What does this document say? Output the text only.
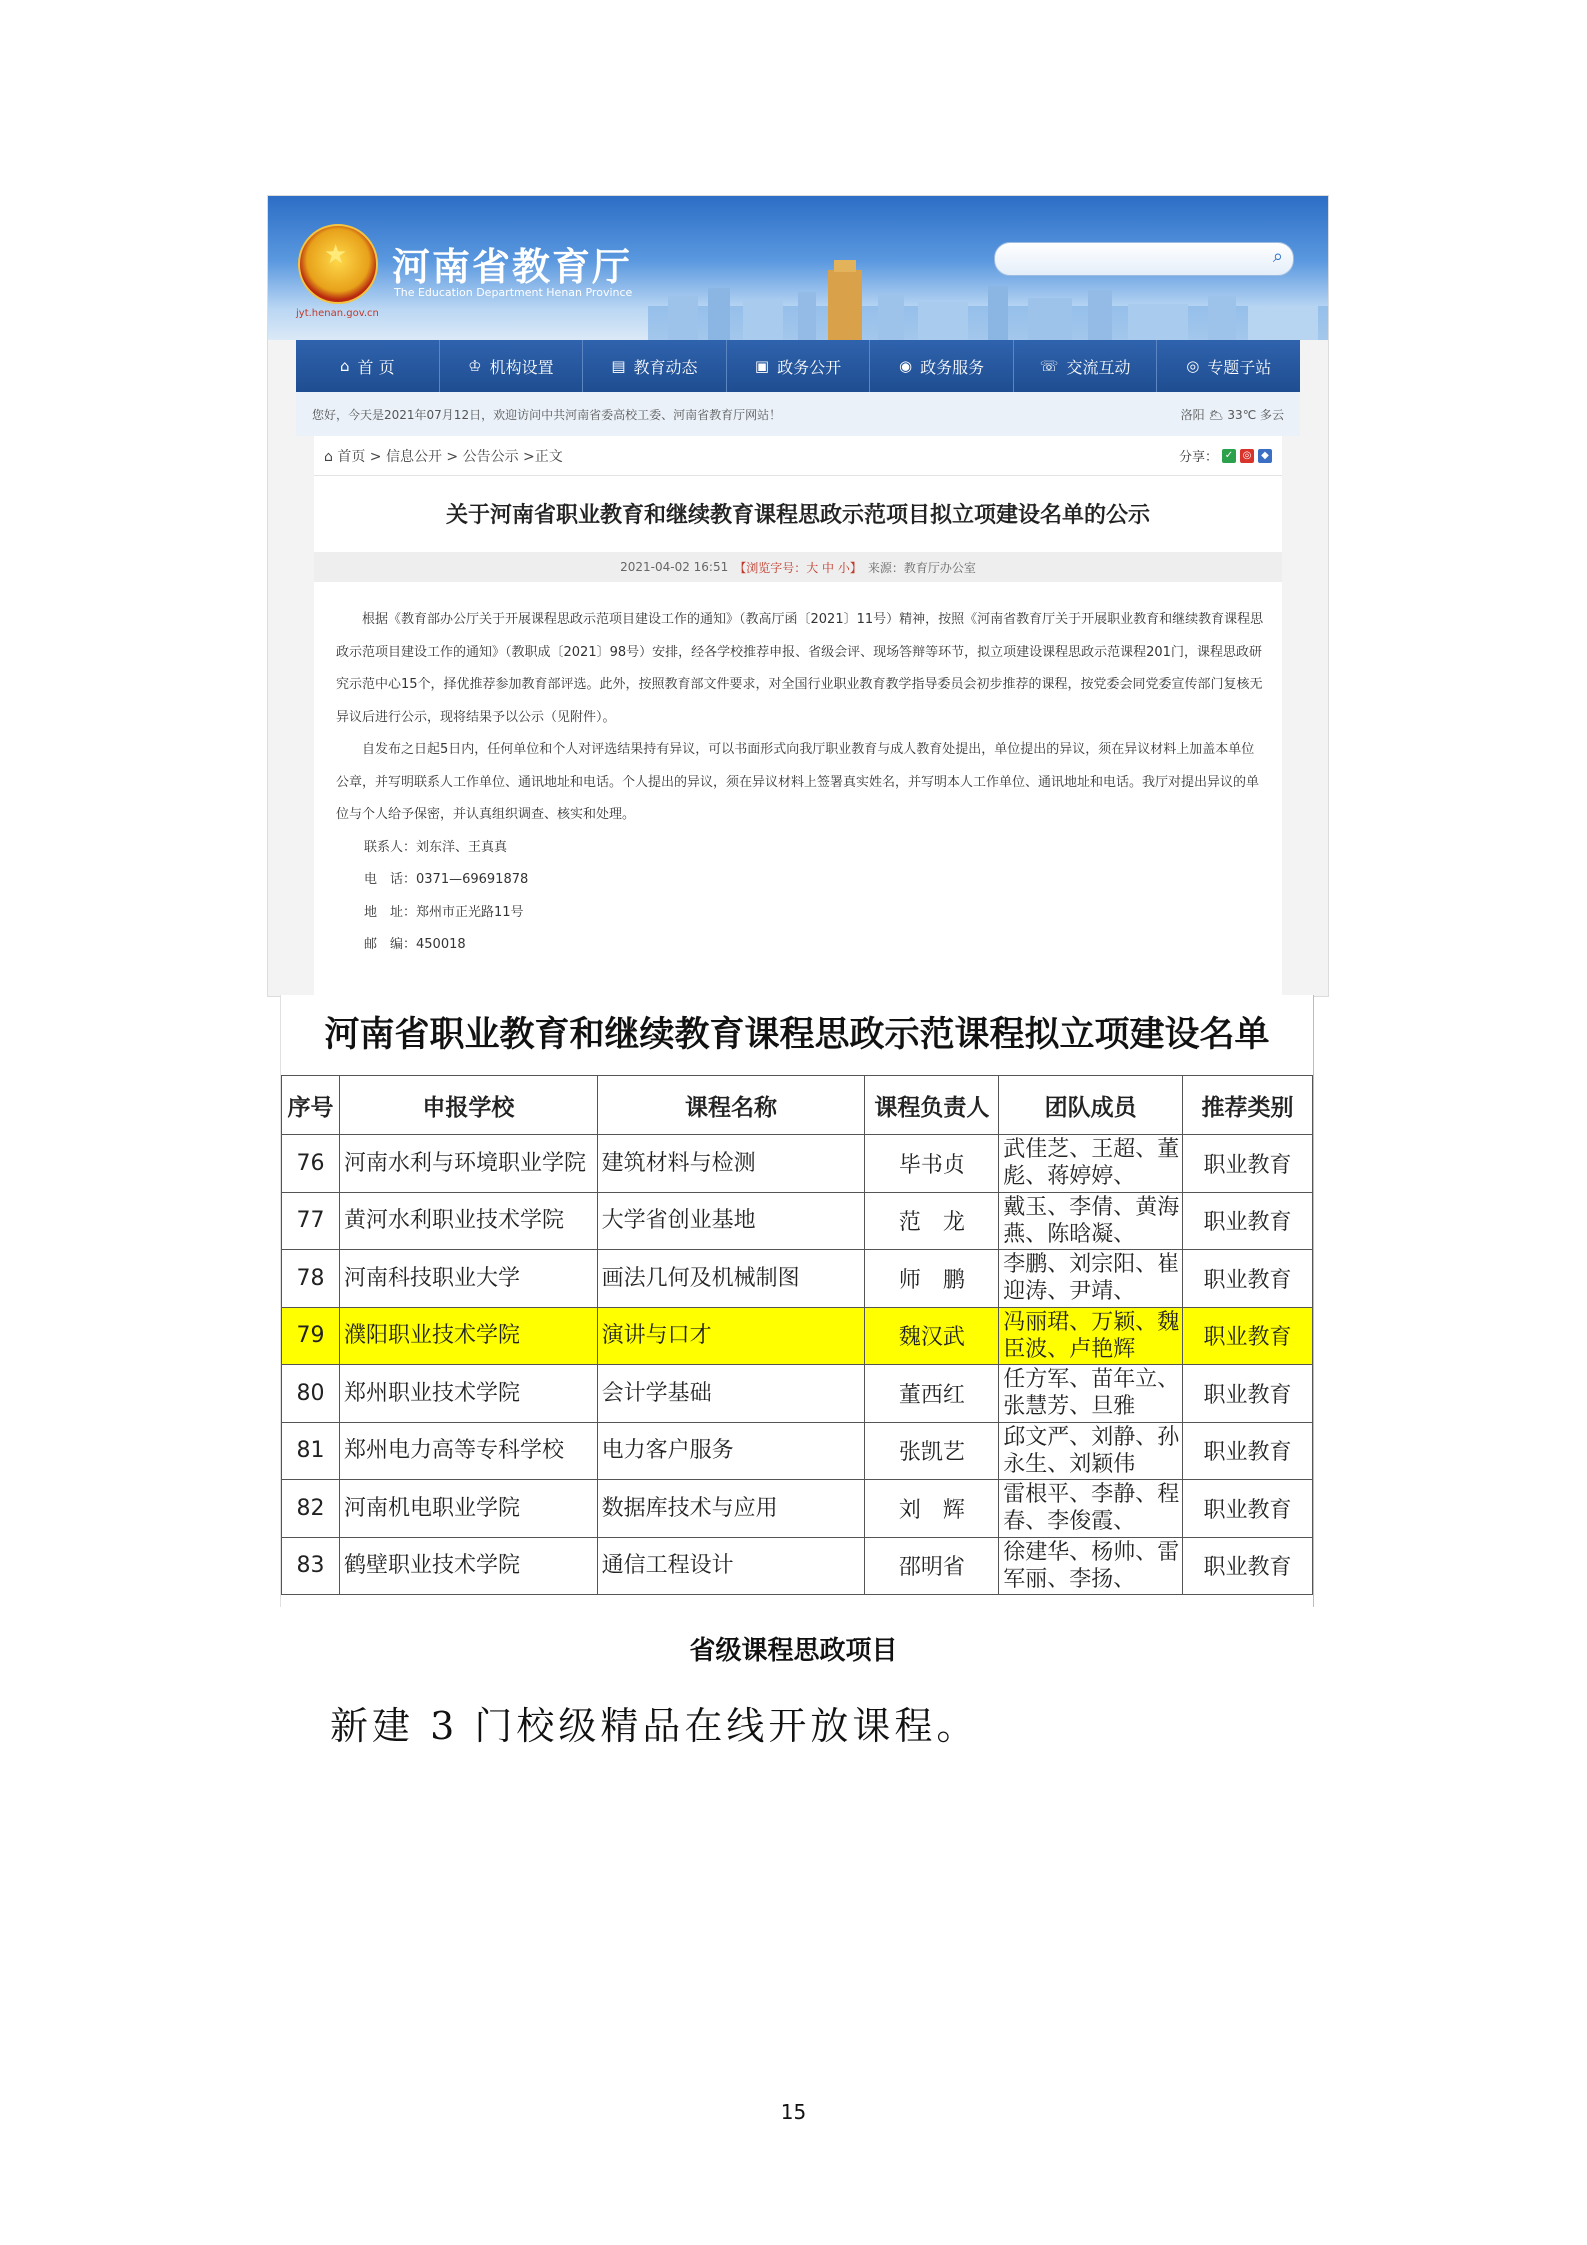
★ 河南省教育厅
The Education Department Henan Province
jyt.henan.gov.cn
⌕
⌂ 首 页	♔ 机构设置	▤ 教育动态	▣ 政务公开	◉ 政务服务	☏ 交流互动	◎ 专题子站
您好，今天是2021年07月12日，欢迎访问中共河南省委高校工委、河南省教育厅网站！	洛阳 🌥 33℃ 多云
⌂ 首页 > 信息公开 > 公告公示 >正文	分享： ✓ ◎ ◆
关于河南省职业教育和继续教育课程思政示范项目拟立项建设名单的公示
2021-04-02 16:51 【浏览字号：大 中 小】 来源：教育厅办公室

根据《教育部办公厅关于开展课程思政示范项目建设工作的通知》（教高厅函〔2021〕11号）精神，按照《河南省教育厅关于开展职业教育和继续教育课程思政示范项目建设工作的通知》（教职成〔2021〕98号）安排，经各学校推荐申报、省级会评、现场答辩等环节，拟立项建设课程思政示范课程201门，课程思政研究示范中心15个，择优推荐参加教育部评选。此外，按照教育部文件要求，对全国行业职业教育教学指导委员会初步推荐的课程，按党委会同党委宣传部门复核无异议后进行公示，现将结果予以公示（见附件）。

自发布之日起5日内，任何单位和个人对评选结果持有异议，可以书面形式向我厅职业教育与成人教育处提出，单位提出的异议，须在异议材料上加盖本单位公章，并写明联系人工作单位、通讯地址和电话。个人提出的异议，须在异议材料上签署真实姓名，并写明本人工作单位、通讯地址和电话。我厅对提出异议的单位与个人给予保密，并认真组织调查、核实和处理。

联系人：刘东洋、王真真

电　话：0371—69691878

地　址：郑州市正光路11号

邮　编：450018

河南省职业教育和继续教育课程思政示范课程拟立项建设名单
序号	申报学校	课程名称	课程负责人	团队成员	推荐类别
76	河南水利与环境职业学院	建筑材料与检测	毕书贞	武佳芝、王超、董彪、蒋婷婷、	职业教育
77	黄河水利职业技术学院	大学省创业基地	范　龙	戴玉、李倩、黄海燕、陈晗凝、	职业教育
78	河南科技职业大学	画法几何及机械制图	师　鹏	李鹏、刘宗阳、崔迎涛、尹靖、	职业教育
79	濮阳职业技术学院	演讲与口才	魏汉武	冯丽珺、万颖、魏臣波、卢艳辉	职业教育
80	郑州职业技术学院	会计学基础	董西红	任方军、苗年立、张慧芳、旦雅	职业教育
81	郑州电力高等专科学校	电力客户服务	张凯艺	邱文严、刘静、孙永生、刘颖伟	职业教育
82	河南机电职业学院	数据库技术与应用	刘　辉	雷根平、李静、程春、李俊霞、	职业教育
83	鹤壁职业技术学院	通信工程设计	邵明省	徐建华、杨帅、雷军丽、李扬、	职业教育
省级课程思政项目
新建 3 门校级精品在线开放课程。
15
